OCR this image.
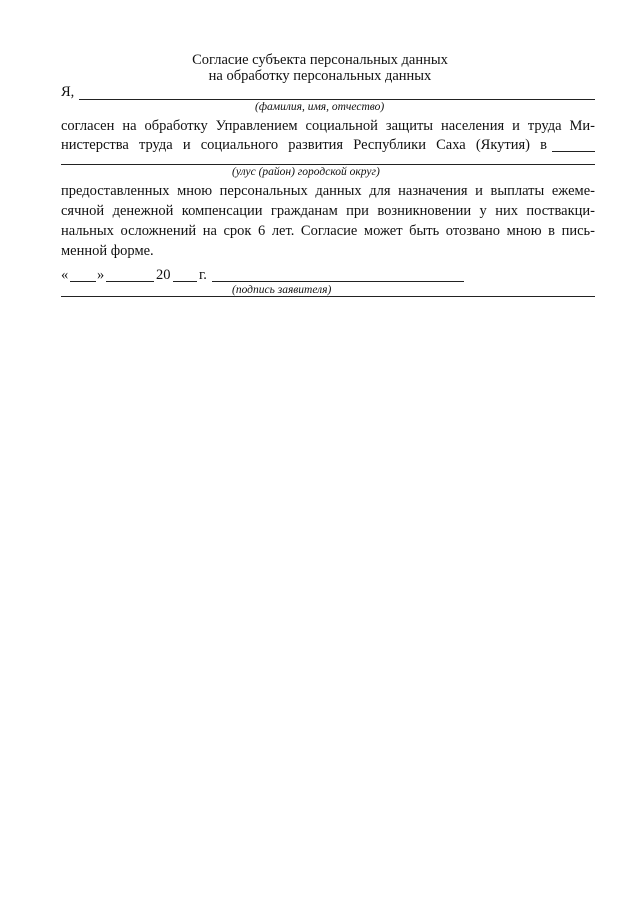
Согласие субъекта персональных данных
на обработку персональных данных
Я,
(фамилия, имя, отчество)
согласен на обработку Управлением социальной защиты населения и труда Ми-
нистерства труда и социального развития Республики Саха (Якутия) в
(улус (район) городской округ)
предоставленных мною персональных данных для назначения и выплаты ежеме-
сячной денежной компенсации гражданам при возникновении у них поствакци-
нальных осложнений на срок 6 лет. Согласие может быть отозвано мною в пись-
менной форме.
« »	20 г.
(подпись заявителя)
